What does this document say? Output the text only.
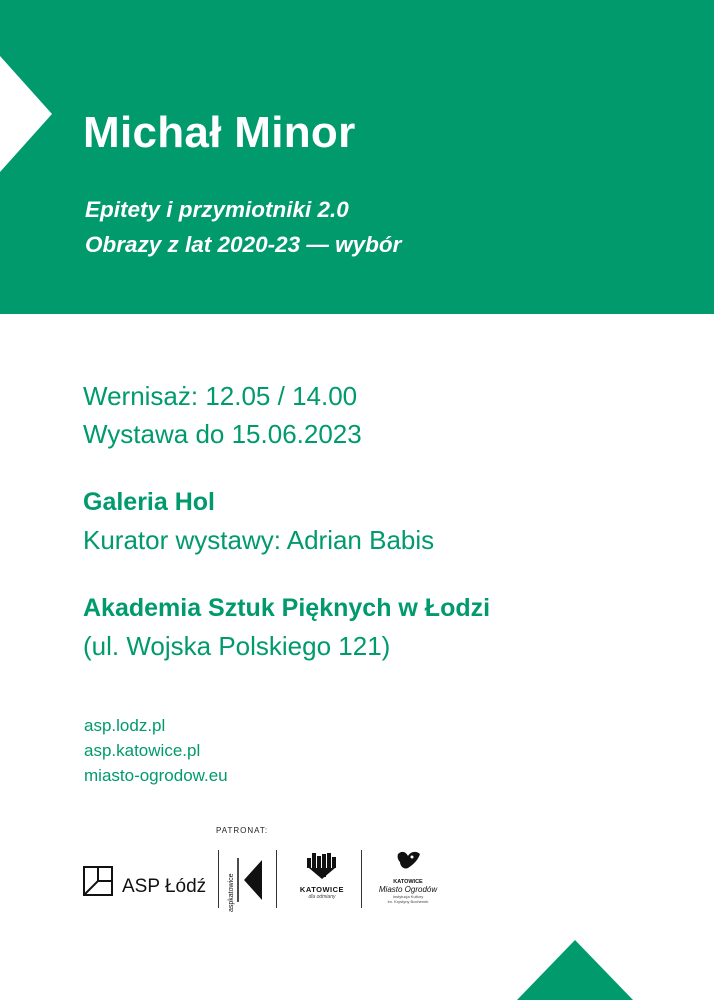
Michał Minor
Epitety i przymiotniki 2.0
Obrazy z lat 2020-23 — wybór

Wernisaż: 12.05 / 14.00

Wystawa do 15.06.2023

Galeria Hol

Kurator wystawy: Adrian Babis

Akademia Sztuk Pięknych w Łodzi

(ul. Wojska Polskiego 121)

asp.lodz.pl
asp.katowice.pl
miasto-ogrodow.eu
PATRONAT:
ASP Łódź	aspkatowice	KATOWICE
dla odmiany
KATOWICE
Miasto Ogrodów
Instytucja Kultury
im. Krystyny Bochenek
